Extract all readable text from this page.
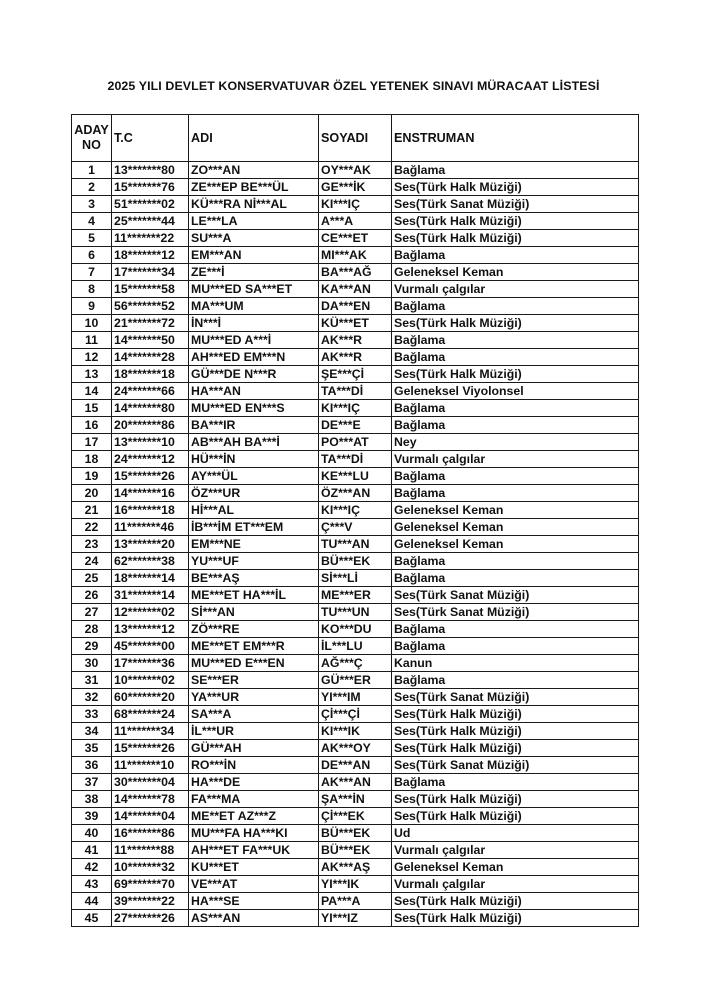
2025 YILI DEVLET KONSERVATUVAR ÖZEL YETENEK SINAVI MÜRACAAT LİSTESİ
ADAY
NO	T.C	ADI	SOYADI	ENSTRUMAN
1	13*******80	ZO***AN	OY***AK	Bağlama
2	15*******76	ZE***EP BE***ÜL	GE***İK	Ses(Türk Halk Müziği)
3	51*******02	KÜ***RA Nİ***AL	KI***IÇ	Ses(Türk Sanat Müziği)
4	25*******44	LE***LA	A***A	Ses(Türk Halk Müziği)
5	11*******22	SU***A	CE***ET	Ses(Türk Halk Müziği)
6	18*******12	EM***AN	MI***AK	Bağlama
7	17*******34	ZE***İ	BA***AĞ	Geleneksel Keman
8	15*******58	MU***ED SA***ET	KA***AN	Vurmalı çalgılar
9	56*******52	MA***UM	DA***EN	Bağlama
10	21*******72	İN***İ	KÜ***ET	Ses(Türk Halk Müziği)
11	14*******50	MU***ED A***İ	AK***R	Bağlama
12	14*******28	AH***ED EM***N	AK***R	Bağlama
13	18*******18	GÜ***DE N***R	ŞE***Çİ	Ses(Türk Halk Müziği)
14	24*******66	HA***AN	TA***Dİ	Geleneksel Viyolonsel
15	14*******80	MU***ED EN***S	KI***IÇ	Bağlama
16	20*******86	BA***IR	DE***E	Bağlama
17	13*******10	AB***AH BA***İ	PO***AT	Ney
18	24*******12	HÜ***İN	TA***Dİ	Vurmalı çalgılar
19	15*******26	AY***ÜL	KE***LU	Bağlama
20	14*******16	ÖZ***UR	ÖZ***AN	Bağlama
21	16*******18	Hİ***AL	KI***IÇ	Geleneksel Keman
22	11*******46	İB***İM ET***EM	Ç***V	Geleneksel Keman
23	13*******20	EM***NE	TU***AN	Geleneksel Keman
24	62*******38	YU***UF	BÜ***EK	Bağlama
25	18*******14	BE***AŞ	Sİ***Lİ	Bağlama
26	31*******14	ME***ET HA***İL	ME***ER	Ses(Türk Sanat Müziği)
27	12*******02	Sİ***AN	TU***UN	Ses(Türk Sanat Müziği)
28	13*******12	ZÖ***RE	KO***DU	Bağlama
29	45*******00	ME***ET EM***R	İL***LU	Bağlama
30	17*******36	MU***ED E***EN	AĞ***Ç	Kanun
31	10*******02	SE***ER	GÜ***ER	Bağlama
32	60*******20	YA***UR	YI***IM	Ses(Türk Sanat Müziği)
33	68*******24	SA***A	Çİ***Çİ	Ses(Türk Halk Müziği)
34	11*******34	İL***UR	KI***IK	Ses(Türk Halk Müziği)
35	15*******26	GÜ***AH	AK***OY	Ses(Türk Halk Müziği)
36	11*******10	RO***İN	DE***AN	Ses(Türk Sanat Müziği)
37	30*******04	HA***DE	AK***AN	Bağlama
38	14*******78	FA***MA	ŞA***İN	Ses(Türk Halk Müziği)
39	14*******04	ME**ET AZ***Z	Çİ***EK	Ses(Türk Halk Müziği)
40	16*******86	MU***FA HA***KI	BÜ***EK	Ud
41	11*******88	AH***ET FA***UK	BÜ***EK	Vurmalı çalgılar
42	10*******32	KU***ET	AK***AŞ	Geleneksel Keman
43	69*******70	VE***AT	YI***IK	Vurmalı çalgılar
44	39*******22	HA***SE	PA***A	Ses(Türk Halk Müziği)
45	27*******26	AS***AN	YI***IZ	Ses(Türk Halk Müziği)
